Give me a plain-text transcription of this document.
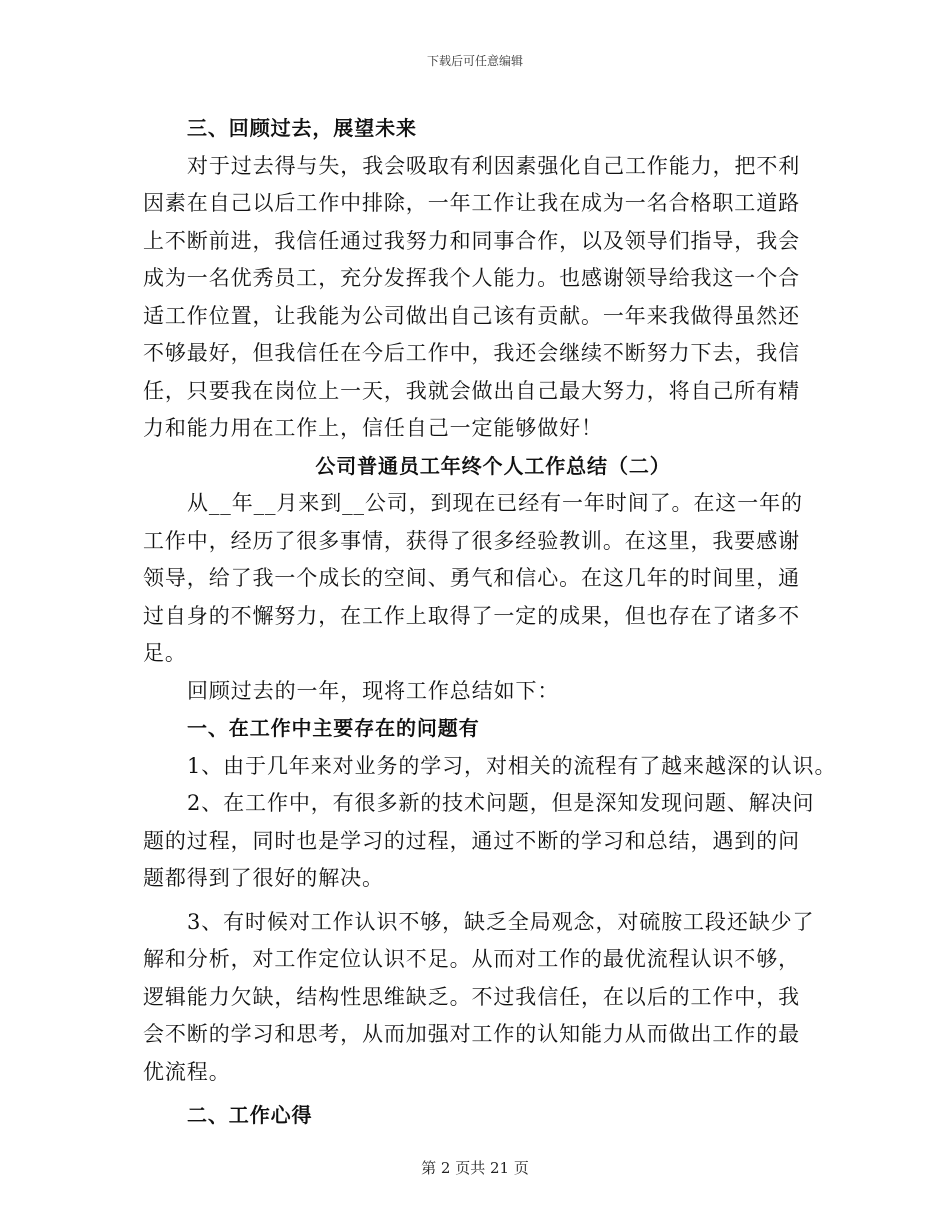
下载后可任意编辑
三、回顾过去，展望未来
对于过去得与失，我会吸取有利因素强化自己工作能力，把不利
因素在自己以后工作中排除，一年工作让我在成为一名合格职工道路
上不断前进，我信任通过我努力和同事合作，以及领导们指导，我会
成为一名优秀员工，充分发挥我个人能力。也感谢领导给我这一个合
适工作位置，让我能为公司做出自己该有贡献。一年来我做得虽然还
不够最好，但我信任在今后工作中，我还会继续不断努力下去，我信
任，只要我在岗位上一天，我就会做出自己最大努力，将自己所有精
力和能力用在工作上，信任自己一定能够做好！
公司普通员工年终个人工作总结（二）
从__年__月来到__公司，到现在已经有一年时间了。在这一年的
工作中，经历了很多事情，获得了很多经验教训。在这里，我要感谢
领导，给了我一个成长的空间、勇气和信心。在这几年的时间里，通
过自身的不懈努力，在工作上取得了一定的成果，但也存在了诸多不
足。
回顾过去的一年，现将工作总结如下：
一、在工作中主要存在的问题有
1、由于几年来对业务的学习，对相关的流程有了越来越深的认识。
2、在工作中，有很多新的技术问题，但是深知发现问题、解决问
题的过程，同时也是学习的过程，通过不断的学习和总结，遇到的问
题都得到了很好的解决。
3、有时候对工作认识不够，缺乏全局观念，对硫胺工段还缺少了
解和分析，对工作定位认识不足。从而对工作的最优流程认识不够，
逻辑能力欠缺，结构性思维缺乏。不过我信任，在以后的工作中，我
会不断的学习和思考，从而加强对工作的认知能力从而做出工作的最
优流程。
二、工作心得
第 2 页共 21 页
